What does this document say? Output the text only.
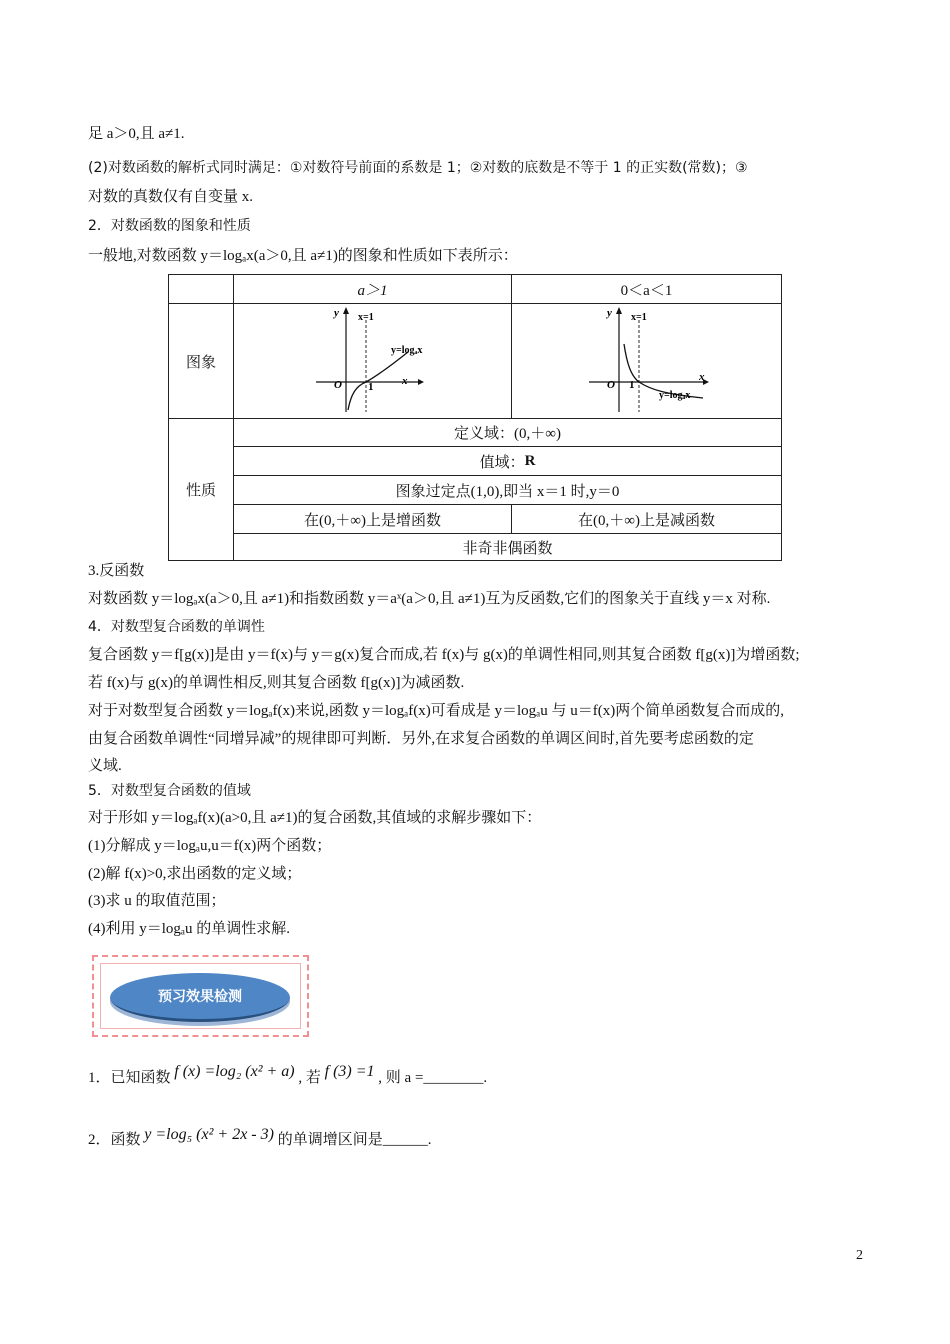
足 a＞0,且 a≠1.
(2)对数函数的解析式同时满足：①对数符号前面的系数是 1；②对数的底数是不等于 1 的正实数(常数)；③
对数的真数仅有自变量 x.
2．对数函数的图象和性质
一般地,对数函数 y＝logₐx(a＞0,且 a≠1)的图象和性质如下表所示：
a＞1	0＜a＜1
图象
性质
定义域：(0,＋∞)
值域： R
图象过定点(1,0),即当 x＝1 时,y＝0
在(0,＋∞)上是增函数	在(0,＋∞)上是减函数
非奇非偶函数
y x=1
y=logₐx
O 1	x
y x=1
y=logₐx
O 1
x
3.反函数
对数函数 y＝logₐx(a＞0,且 a≠1)和指数函数 y＝aˣ(a＞0,且 a≠1)互为反函数,它们的图象关于直线 y＝x 对称.
4．对数型复合函数的单调性
复合函数 y＝f[g(x)]是由 y＝f(x)与 y＝g(x)复合而成,若 f(x)与 g(x)的单调性相同,则其复合函数 f[g(x)]为增函数;
若 f(x)与 g(x)的单调性相反,则其复合函数 f[g(x)]为减函数.
对于对数型复合函数 y＝logₐf(x)来说,函数 y＝logₐf(x)可看成是 y＝logₐu 与 u＝f(x)两个简单函数复合而成的,
由复合函数单调性“同增异减”的规律即可判断．另外,在求复合函数的单调区间时,首先要考虑函数的定
义域.
5．对数型复合函数的值域
对于形如 y＝logₐf(x)(a>0,且 a≠1)的复合函数,其值域的求解步骤如下：
(1)分解成 y＝logₐu,u＝f(x)两个函数；
(2)解 f(x)>0,求出函数的定义域；
(3)求 u 的取值范围；
(4)利用 y＝logₐu 的单调性求解.
预习效果检测
1．已知函数 f (x) =log₂ (x² + a) , 若 f (3) =1 , 则 a =________.
2．函数 y =log₅ (x² + 2x - 3) 的单调增区间是______.
2
